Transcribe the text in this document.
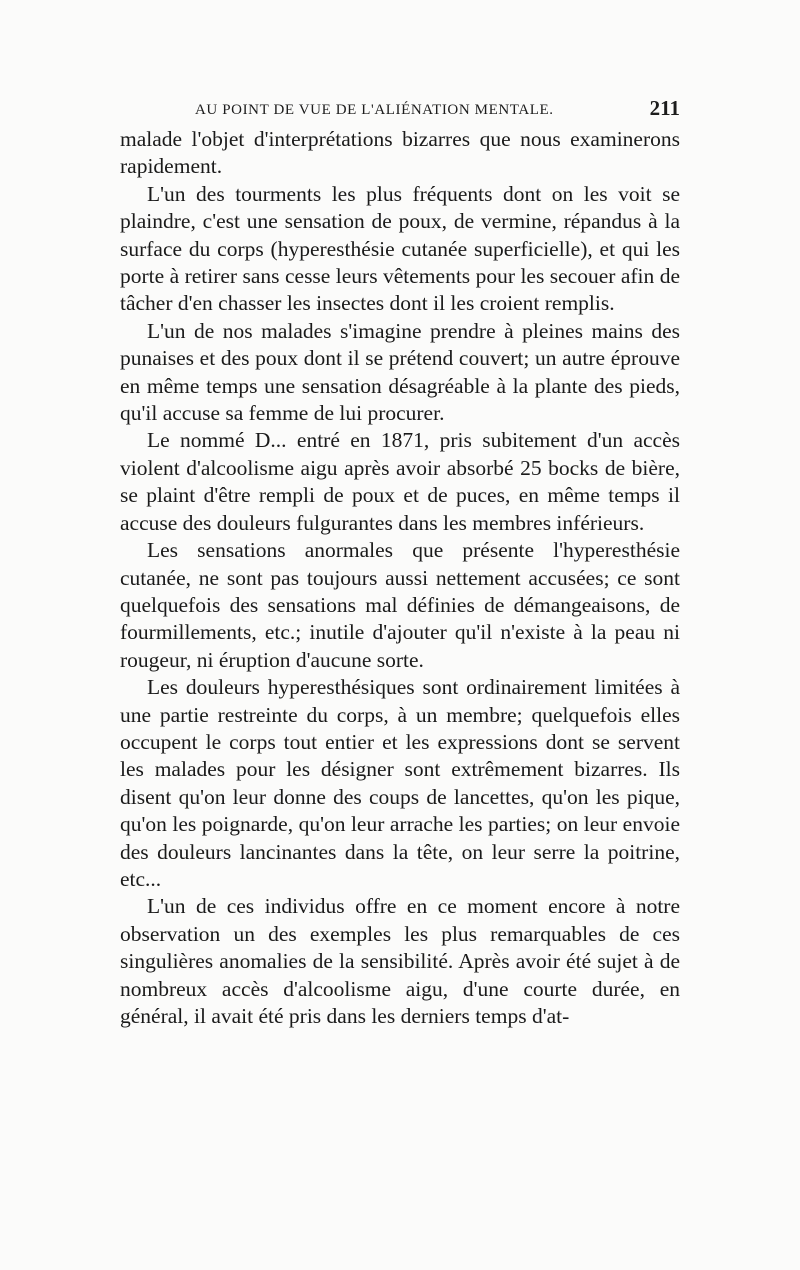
AU POINT DE VUE DE L'ALIÉNATION MENTALE.	211

malade l'objet d'interprétations bizarres que nous examinerons rapidement.

L'un des tourments les plus fréquents dont on les voit se plaindre, c'est une sensation de poux, de vermine, répandus à la surface du corps (hyperesthésie cutanée superficielle), et qui les porte à retirer sans cesse leurs vêtements pour les secouer afin de tâcher d'en chasser les insectes dont il les croient remplis.

L'un de nos malades s'imagine prendre à pleines mains des punaises et des poux dont il se prétend couvert; un autre éprouve en même temps une sensation désagréable à la plante des pieds, qu'il accuse sa femme de lui procurer.

Le nommé D... entré en 1871, pris subitement d'un accès violent d'alcoolisme aigu après avoir absorbé 25 bocks de bière, se plaint d'être rempli de poux et de puces, en même temps il accuse des douleurs fulgurantes dans les membres inférieurs.

Les sensations anormales que présente l'hyperesthésie cutanée, ne sont pas toujours aussi nettement accusées; ce sont quelquefois des sensations mal définies de démangeaisons, de fourmillements, etc.; inutile d'ajouter qu'il n'existe à la peau ni rougeur, ni éruption d'aucune sorte.

Les douleurs hyperesthésiques sont ordinairement limitées à une partie restreinte du corps, à un membre; quelquefois elles occupent le corps tout entier et les expressions dont se servent les malades pour les désigner sont extrêmement bizarres. Ils disent qu'on leur donne des coups de lancettes, qu'on les pique, qu'on les poignarde, qu'on leur arrache les parties; on leur envoie des douleurs lancinantes dans la tête, on leur serre la poitrine, etc...

L'un de ces individus offre en ce moment encore à notre observation un des exemples les plus remarquables de ces singulières anomalies de la sensibilité. Après avoir été sujet à de nombreux accès d'alcoolisme aigu, d'une courte durée, en général, il avait été pris dans les derniers temps d'at-
